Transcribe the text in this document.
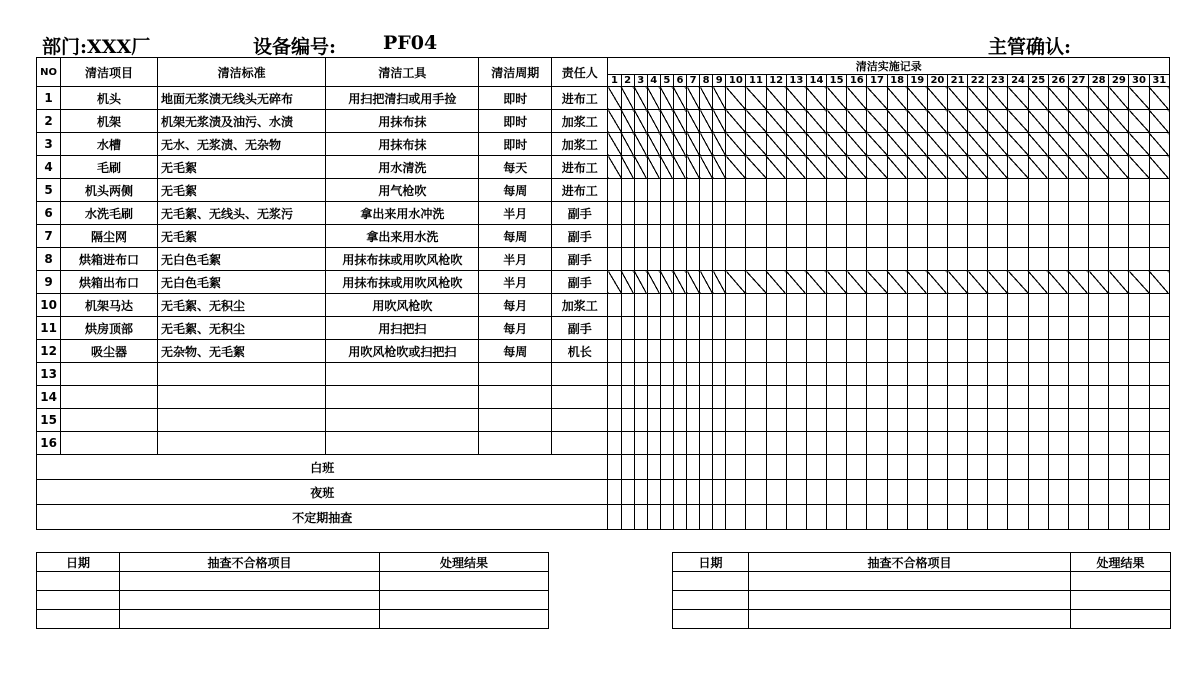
部门:XXX厂	设备编号: PF04	主管确认:
NO	清洁项目	清洁标准	清洁工具	清洁周期	责任人	清洁实施记录																														
						1	2	3	4	5	6	7	8	9	10	11	12	13	14	15	16	17	18	19	20	21	22	23	24	25	26	27	28	29	30	31
1	机头	地面无浆渍无线头无碎布	用扫把清扫或用手捡	即时	进布工																															
2	机架	机架无浆渍及油污、水渍	用抹布抹	即时	加浆工																															
3	水槽	无水、无浆渍、无杂物	用抹布抹	即时	加浆工																															
4	毛刷	无毛絮	用水清洗	每天	进布工																															
5	机头两侧	无毛絮	用气枪吹	每周	进布工																															
6	水洗毛刷	无毛絮、无线头、无浆污	拿出来用水冲洗	半月	副手																															
7	隔尘网	无毛絮	拿出来用水洗	每周	副手																															
8	烘箱进布口	无白色毛絮	用抹布抹或用吹风枪吹	半月	副手																															
9	烘箱出布口	无白色毛絮	用抹布抹或用吹风枪吹	半月	副手																															
10	机架马达	无毛絮、无积尘	用吹风枪吹	每月	加浆工																															
11	烘房顶部	无毛絮、无积尘	用扫把扫	每月	副手																															
12	吸尘器	无杂物、无毛絮	用吹风枪吹或扫把扫	每周	机长																															
13																																				
14																																				
15																																				
16																																				
白班																																				
夜班																																				
不定期抽查																																				
日期	抽查不合格项目	处理结果

			日期	抽查不合格项目	处理结果
